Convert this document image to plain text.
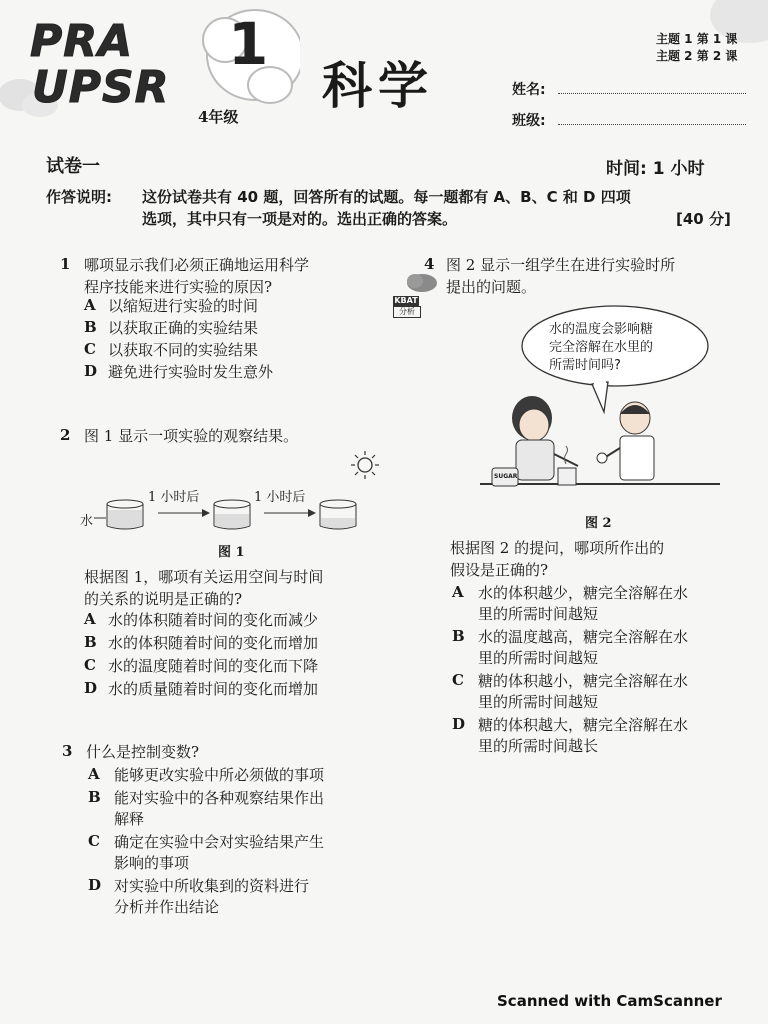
PRA
UPSR
1
4年级
科学
主题 1 第 1 课
主题 2 第 2 课
姓名:
班级:
试卷一	时间: 1 小时
作答说明: 这份试卷共有 40 题，回答所有的试题。每一题都有 A、B、C 和 D 四项
选项，其中只有一项是对的。选出正确的答案。	[40 分]
1 哪项显示我们必须正确地运用科学
程序技能来进行实验的原因?
A 以缩短进行实验的时间
B 以获取正确的实验结果
C 以获取不同的实验结果
D 避免进行实验时发生意外
2 图 1 显示一项实验的观察结果。
水
1 小时后	1 小时后
图 1
根据图 1，哪项有关运用空间与时间
的关系的说明是正确的?
A 水的体积随着时间的变化而减少
B 水的体积随着时间的变化而增加
C 水的温度随着时间的变化而下降
D 水的质量随着时间的变化而增加
3 什么是控制变数?
A 能够更改实验中所必须做的事项
B 能对实验中的各种观察结果作出
解释
C 确定在实验中会对实验结果产生
影响的事项
D 对实验中所收集到的资料进行
分析并作出结论
4
KBAT
分析
图 2 显示一组学生在进行实验时所
提出的问题。
水的温度会影响糖
完全溶解在水里的
所需时间吗?
SUGAR
图 2
根据图 2 的提问，哪项所作出的
假设是正确的?
A 水的体积越少，糖完全溶解在水
里的所需时间越短
B 水的温度越高，糖完全溶解在水
里的所需时间越短
C 糖的体积越小，糖完全溶解在水
里的所需时间越短
D 糖的体积越大，糖完全溶解在水
里的所需时间越长
Scanned with CamScanner
